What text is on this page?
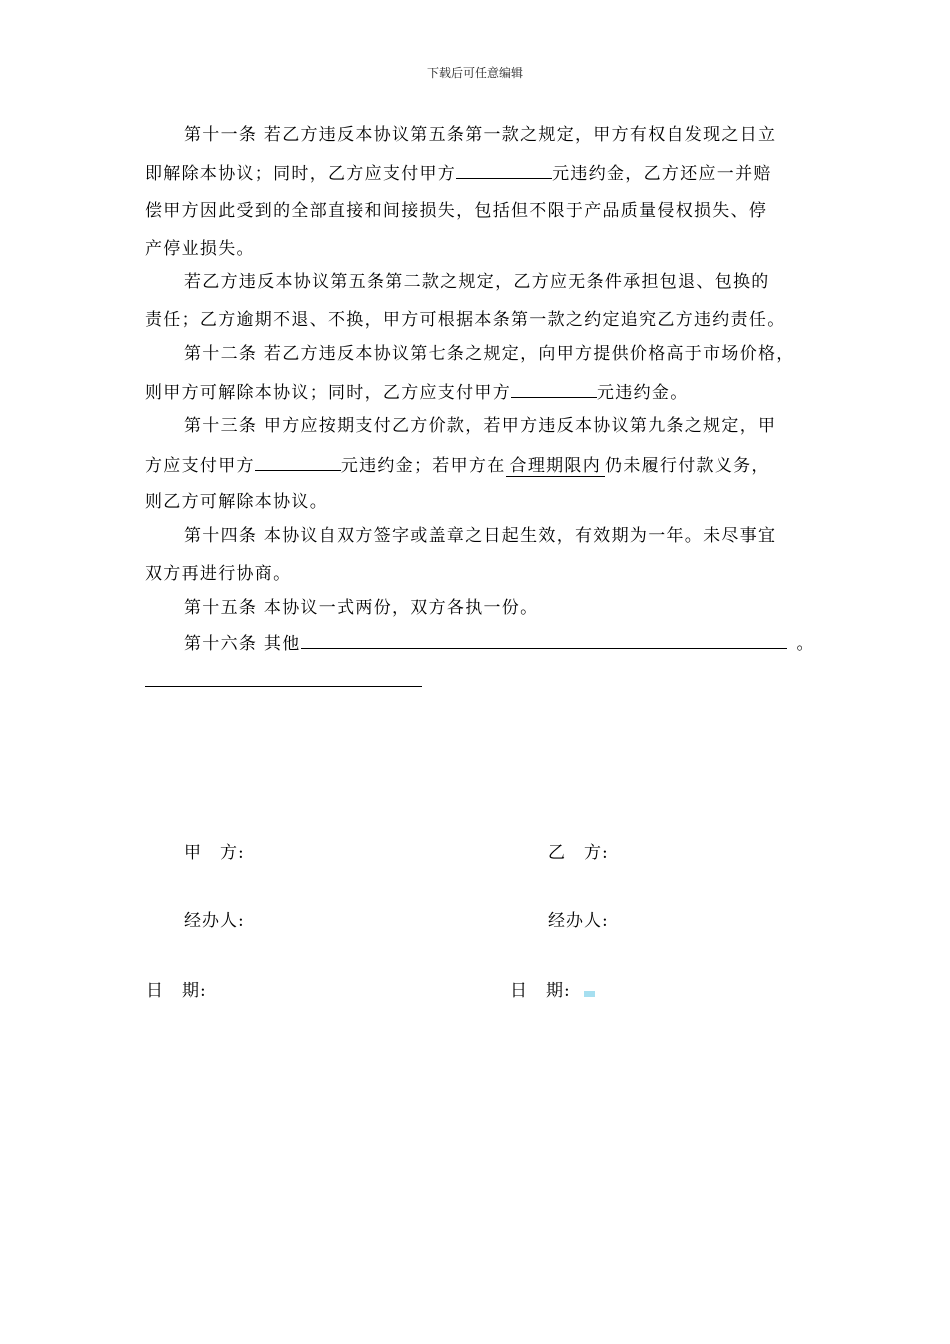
下载后可任意编辑
第十一条 若乙方违反本协议第五条第一款之规定，甲方有权自发现之日立
即解除本协议；同时，乙方应支付甲方	元违约金，乙方还应一并赔
偿甲方因此受到的全部直接和间接损失，包括但不限于产品质量侵权损失、停
产停业损失。
若乙方违反本协议第五条第二款之规定，乙方应无条件承担包退、包换的
责任；乙方逾期不退、不换，甲方可根据本条第一款之约定追究乙方违约责任。
第十二条 若乙方违反本协议第七条之规定，向甲方提供价格高于市场价格，
则甲方可解除本协议；同时，乙方应支付甲方	元违约金。
第十三条 甲方应按期支付乙方价款，若甲方违反本协议第九条之规定，甲
方应支付甲方	元违约金；若甲方在 合理期限内 仍未履行付款义务，
则乙方可解除本协议。
第十四条 本协议自双方签字或盖章之日起生效，有效期为一年。未尽事宜
双方再进行协商。
第十五条 本协议一式两份，双方各执一份。
第十六条 其他	。
甲　方:	乙　方:
经办人:	经办人:
日　期:	日　期:
